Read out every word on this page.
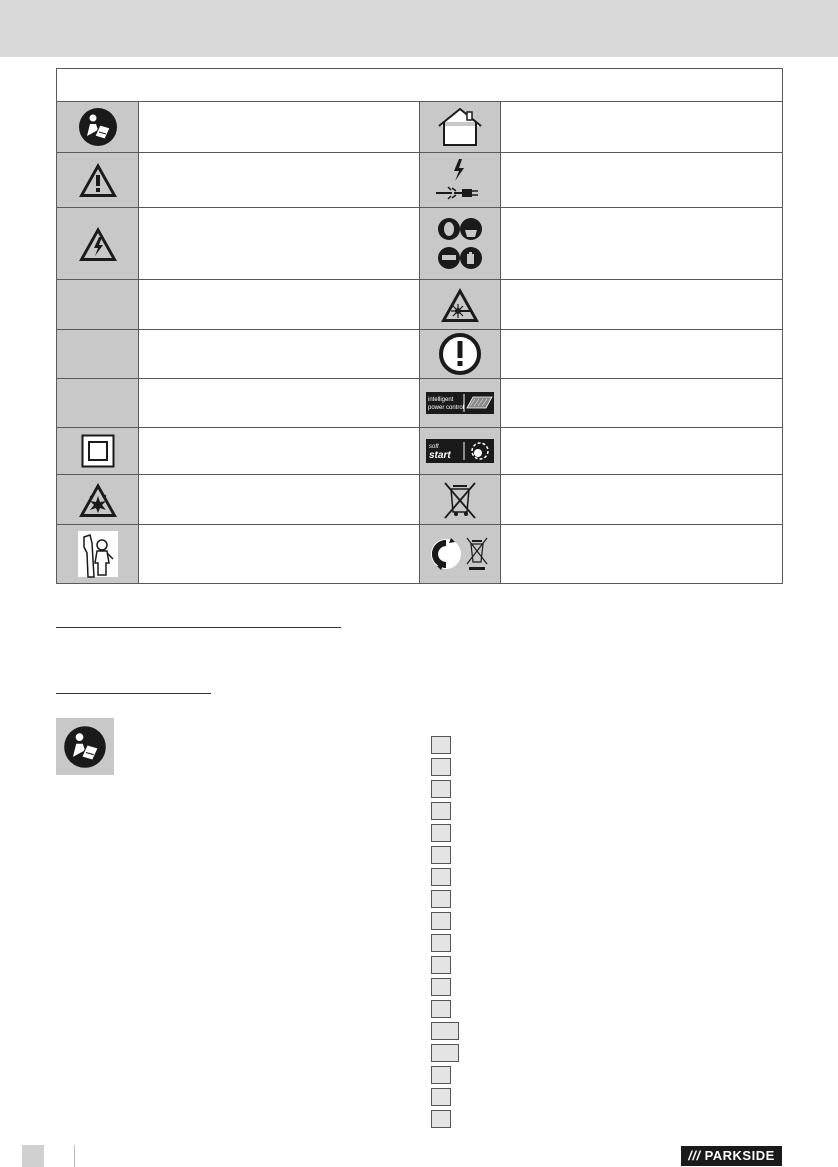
intelligent
power control
soft
start
/// PARKSIDE
